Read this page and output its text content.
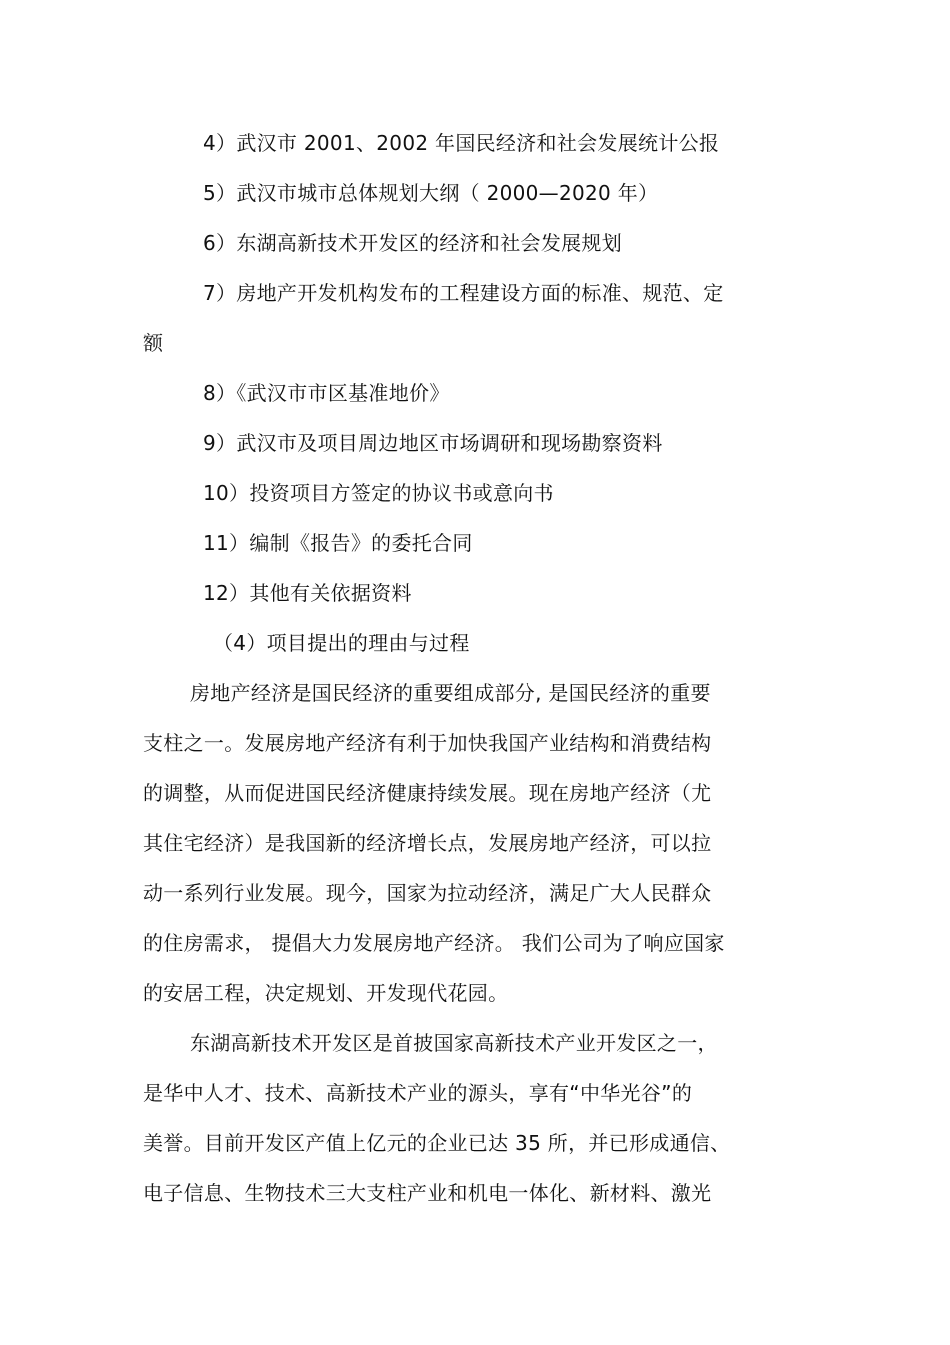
4）武汉市 2001、2002 年国民经济和社会发展统计公报
5）武汉市城市总体规划大纲（ 2000—2020 年）
6）东湖高新技术开发区的经济和社会发展规划
7）房地产开发机构发布的工程建设方面的标准、规范、定
额
8）《武汉市市区基准地价》
9）武汉市及项目周边地区市场调研和现场勘察资料
10）投资项目方签定的协议书或意向书
11）编制《报告》的委托合同
12）其他有关依据资料
（4）项目提出的理由与过程
房地产经济是国民经济的重要组成部分, 是国民经济的重要
支柱之一。发展房地产经济有利于加快我国产业结构和消费结构
的调整，从而促进国民经济健康持续发展。现在房地产经济（尤
其住宅经济）是我国新的经济增长点，发展房地产经济，可以拉
动一系列行业发展。现今，国家为拉动经济，满足广大人民群众
的住房需求， 提倡大力发展房地产经济。 我们公司为了响应国家
的安居工程，决定规划、开发现代花园。
东湖高新技术开发区是首披国家高新技术产业开发区之一，
是华中人才、技术、高新技术产业的源头，享有“中华光谷”的
美誉。目前开发区产值上亿元的企业已达 35 所，并已形成通信、
电子信息、生物技术三大支柱产业和机电一体化、新材料、激光
